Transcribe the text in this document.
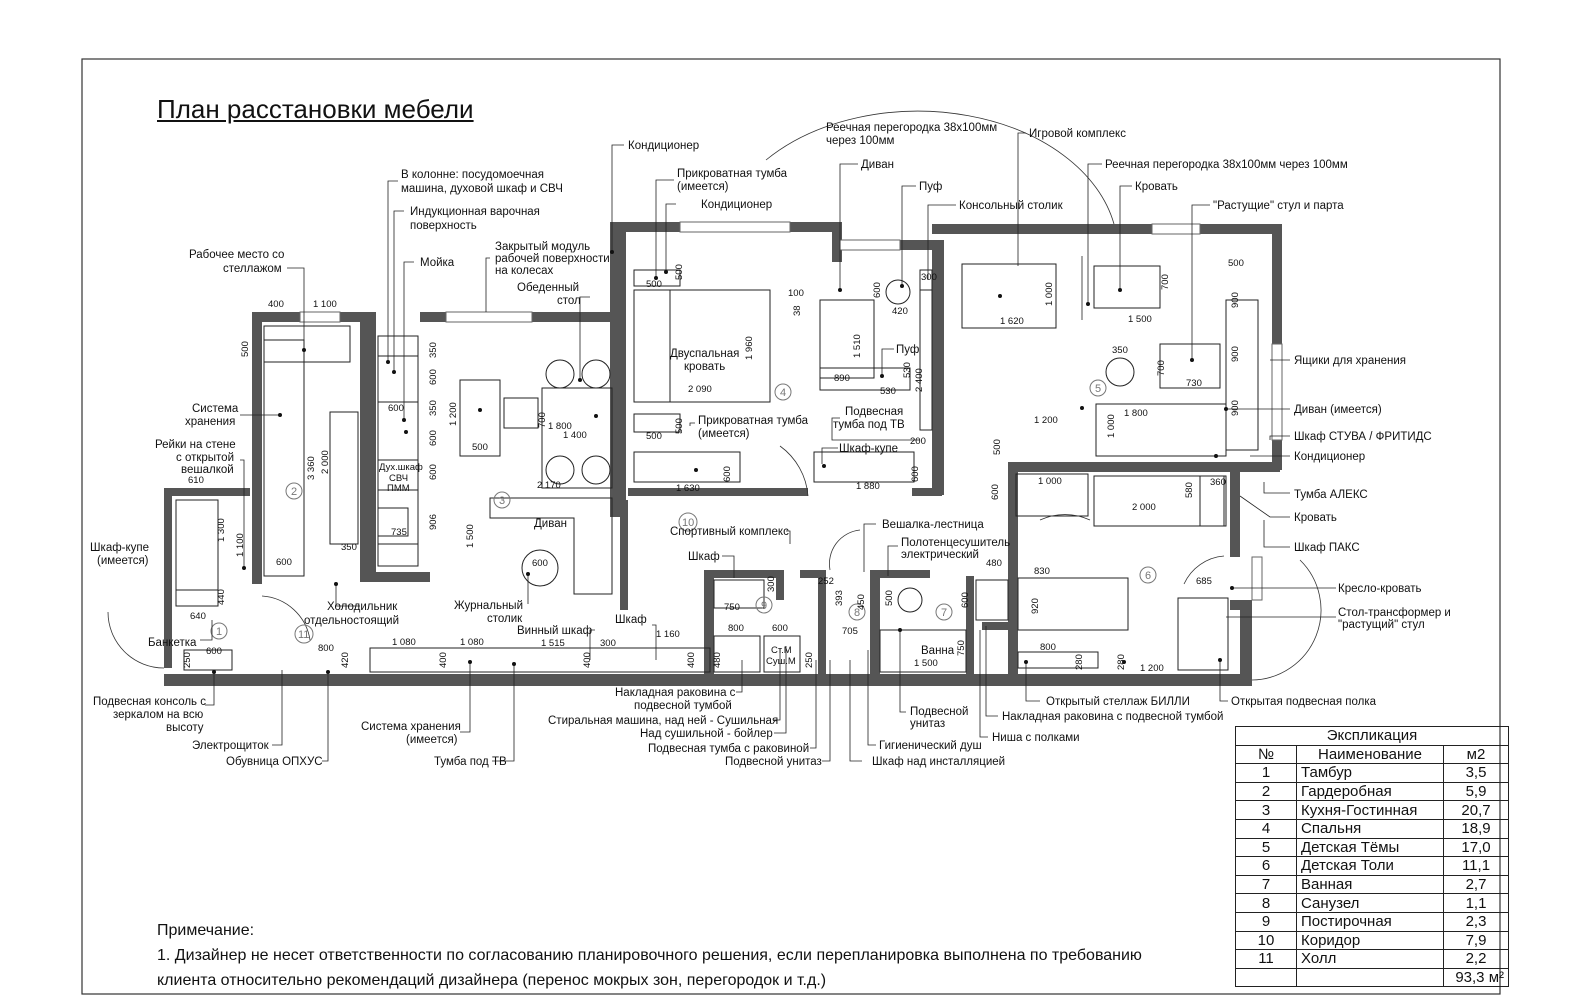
План расстановки мебели
1
2
3
4	5
6
7
8
9
10
11
Кондиционер
В колонне: посудомоечная
машина, духовой шкаф и СВЧ
Индукционная варочная
поверхность
Мойка
Рабочее место со
стеллажом
Закрытый модуль
рабочей поверхности
на колесах
Обеденный
стол
Система
хранения
Рейки на стене
с открытой
вешалкой
Шкаф-купе
(имеется)
Банкетка
Холодильник
отдельностоящий
Журнальный
столик
Диван
Винный шкаф
Шкаф
Прикроватная тумба
(имеется)
Кондиционер
Двуспальная
кровать
Прикроватная тумба
(имеется)
Подвесная
тумба под ТВ
Шкаф-купе
Спортивный комплекс
Шкаф
Вешалка-лестница
Полотенцесушитель
электрический
Реечная перегородка 38х100мм
через 100мм
Игровой комплекс
Диван
Пуф
Консольный столик
Пуф
Реечная перегородка 38х100мм через 100мм
Кровать
"Растущие" стул и парта
Ящики для хранения
Диван (имеется)
Шкаф СТУВА / ФРИТИДС
Кондиционер
Тумба АЛЕКС
Кровать
Шкаф ПАКС
Кресло-кровать
Стол-трансформер и
"растущий" стул
Ванна
Подвесная консоль с
зеркалом на всю
высоту
Электрощиток
Обувница ОПХУС
Система хранения
(имеется)
Тумба под ТВ
Накладная раковина с
подвесной тумбой
Стиральная машина, над ней - Сушильная
Над сушильной - бойлер
Подвесная тумба с раковиной
Подвесной унитаз
Подвесной
унитаз
Гигиенический душ
Шкаф над инсталляцией
Ниша с полками
Накладная раковина с подвесной тумбой
Открытый стеллаж БИЛЛИ	Открытая подвесная полка
Дух.шкаф
СВЧ
ПММ
Ст.М
Суш.М
400	1 100
500
3 360 2 000
610
1 300
1 100
600
640
440
600
250
350
600
735
350
600
350
600
600
906
1 200
500
1 800
1 400
700
2 170
1 500
600
800
1 080	1 080	1 515	300
1 160
420	400	400	400
500
500
2 090
1 960
500
500
1 630
600
1 880
600
100
38
1 510
890
530
420
600
300
530 2 400
200
1 620
1 000
700
1 500
500
900
900
900
350
700
730
1 800
1 000
1 200
500
1 000
600
2 000
580 360
830
920
800
685
1 200
280	280
750
800	600
480
300	252
393
705
250
450 500
1 500
750
480
600
Экспликация		
№	Наименование	м2
1	Тамбур	3,5
2	Гардеробная	5,9
3	Кухня-Гостинная	20,7
4	Спальня	18,9
5	Детская Тёмы	17,0
6	Детская Толи	11,1
7	Ванная	2,7
8	Санузел	1,1
9	Постирочная	2,3
10	Коридор	7,9
11	Холл	2,2
		93,3 м²
Примечание:
1. Дизайнер не несет ответственности по согласованию планировочного решения, если перепланировка выполнена по требованию
клиента относительно рекомендаций дизайнера (перенос мокрых зон, перегородок и т.д.)
